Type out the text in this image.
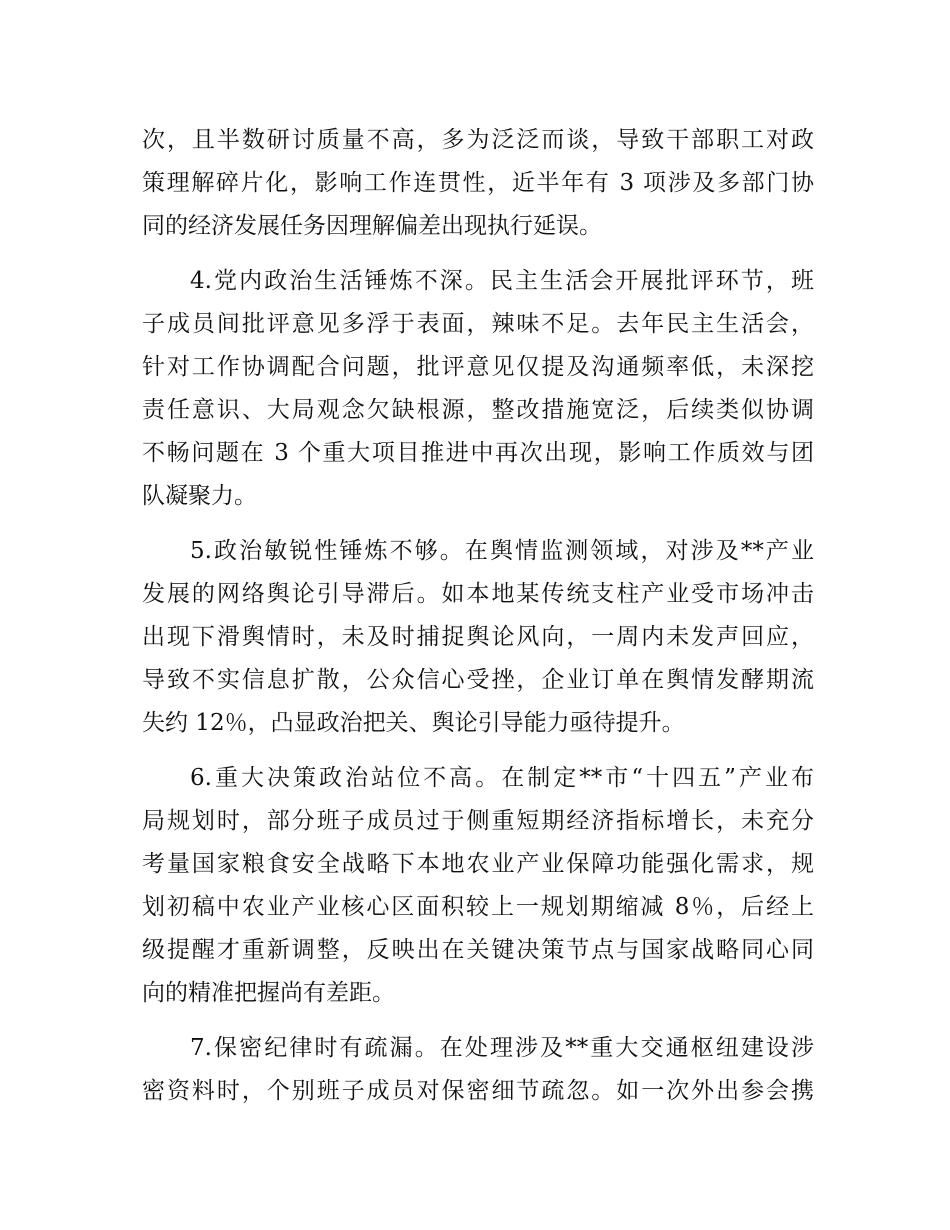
次，且半数研讨质量不高，多为泛泛而谈，导致干部职工对政
策理解碎片化，影响工作连贯性，近半年有 3 项涉及多部门协
同的经济发展任务因理解偏差出现执行延误。
4.党内政治生活锤炼不深。民主生活会开展批评环节，班
子成员间批评意见多浮于表面，辣味不足。去年民主生活会，
针对工作协调配合问题，批评意见仅提及沟通频率低，未深挖
责任意识、大局观念欠缺根源，整改措施宽泛，后续类似协调
不畅问题在 3 个重大项目推进中再次出现，影响工作质效与团
队凝聚力。
5.政治敏锐性锤炼不够。在舆情监测领域，对涉及**产业
发展的网络舆论引导滞后。如本地某传统支柱产业受市场冲击
出现下滑舆情时，未及时捕捉舆论风向，一周内未发声回应，
导致不实信息扩散，公众信心受挫，企业订单在舆情发酵期流
失约 12％，凸显政治把关、舆论引导能力亟待提升。
6.重大决策政治站位不高。在制定**市“十四五”产业布
局规划时，部分班子成员过于侧重短期经济指标增长，未充分
考量国家粮食安全战略下本地农业产业保障功能强化需求，规
划初稿中农业产业核心区面积较上一规划期缩减 8％，后经上
级提醒才重新调整，反映出在关键决策节点与国家战略同心同
向的精准把握尚有差距。
7.保密纪律时有疏漏。在处理涉及**重大交通枢纽建设涉
密资料时，个别班子成员对保密细节疏忽。如一次外出参会携
